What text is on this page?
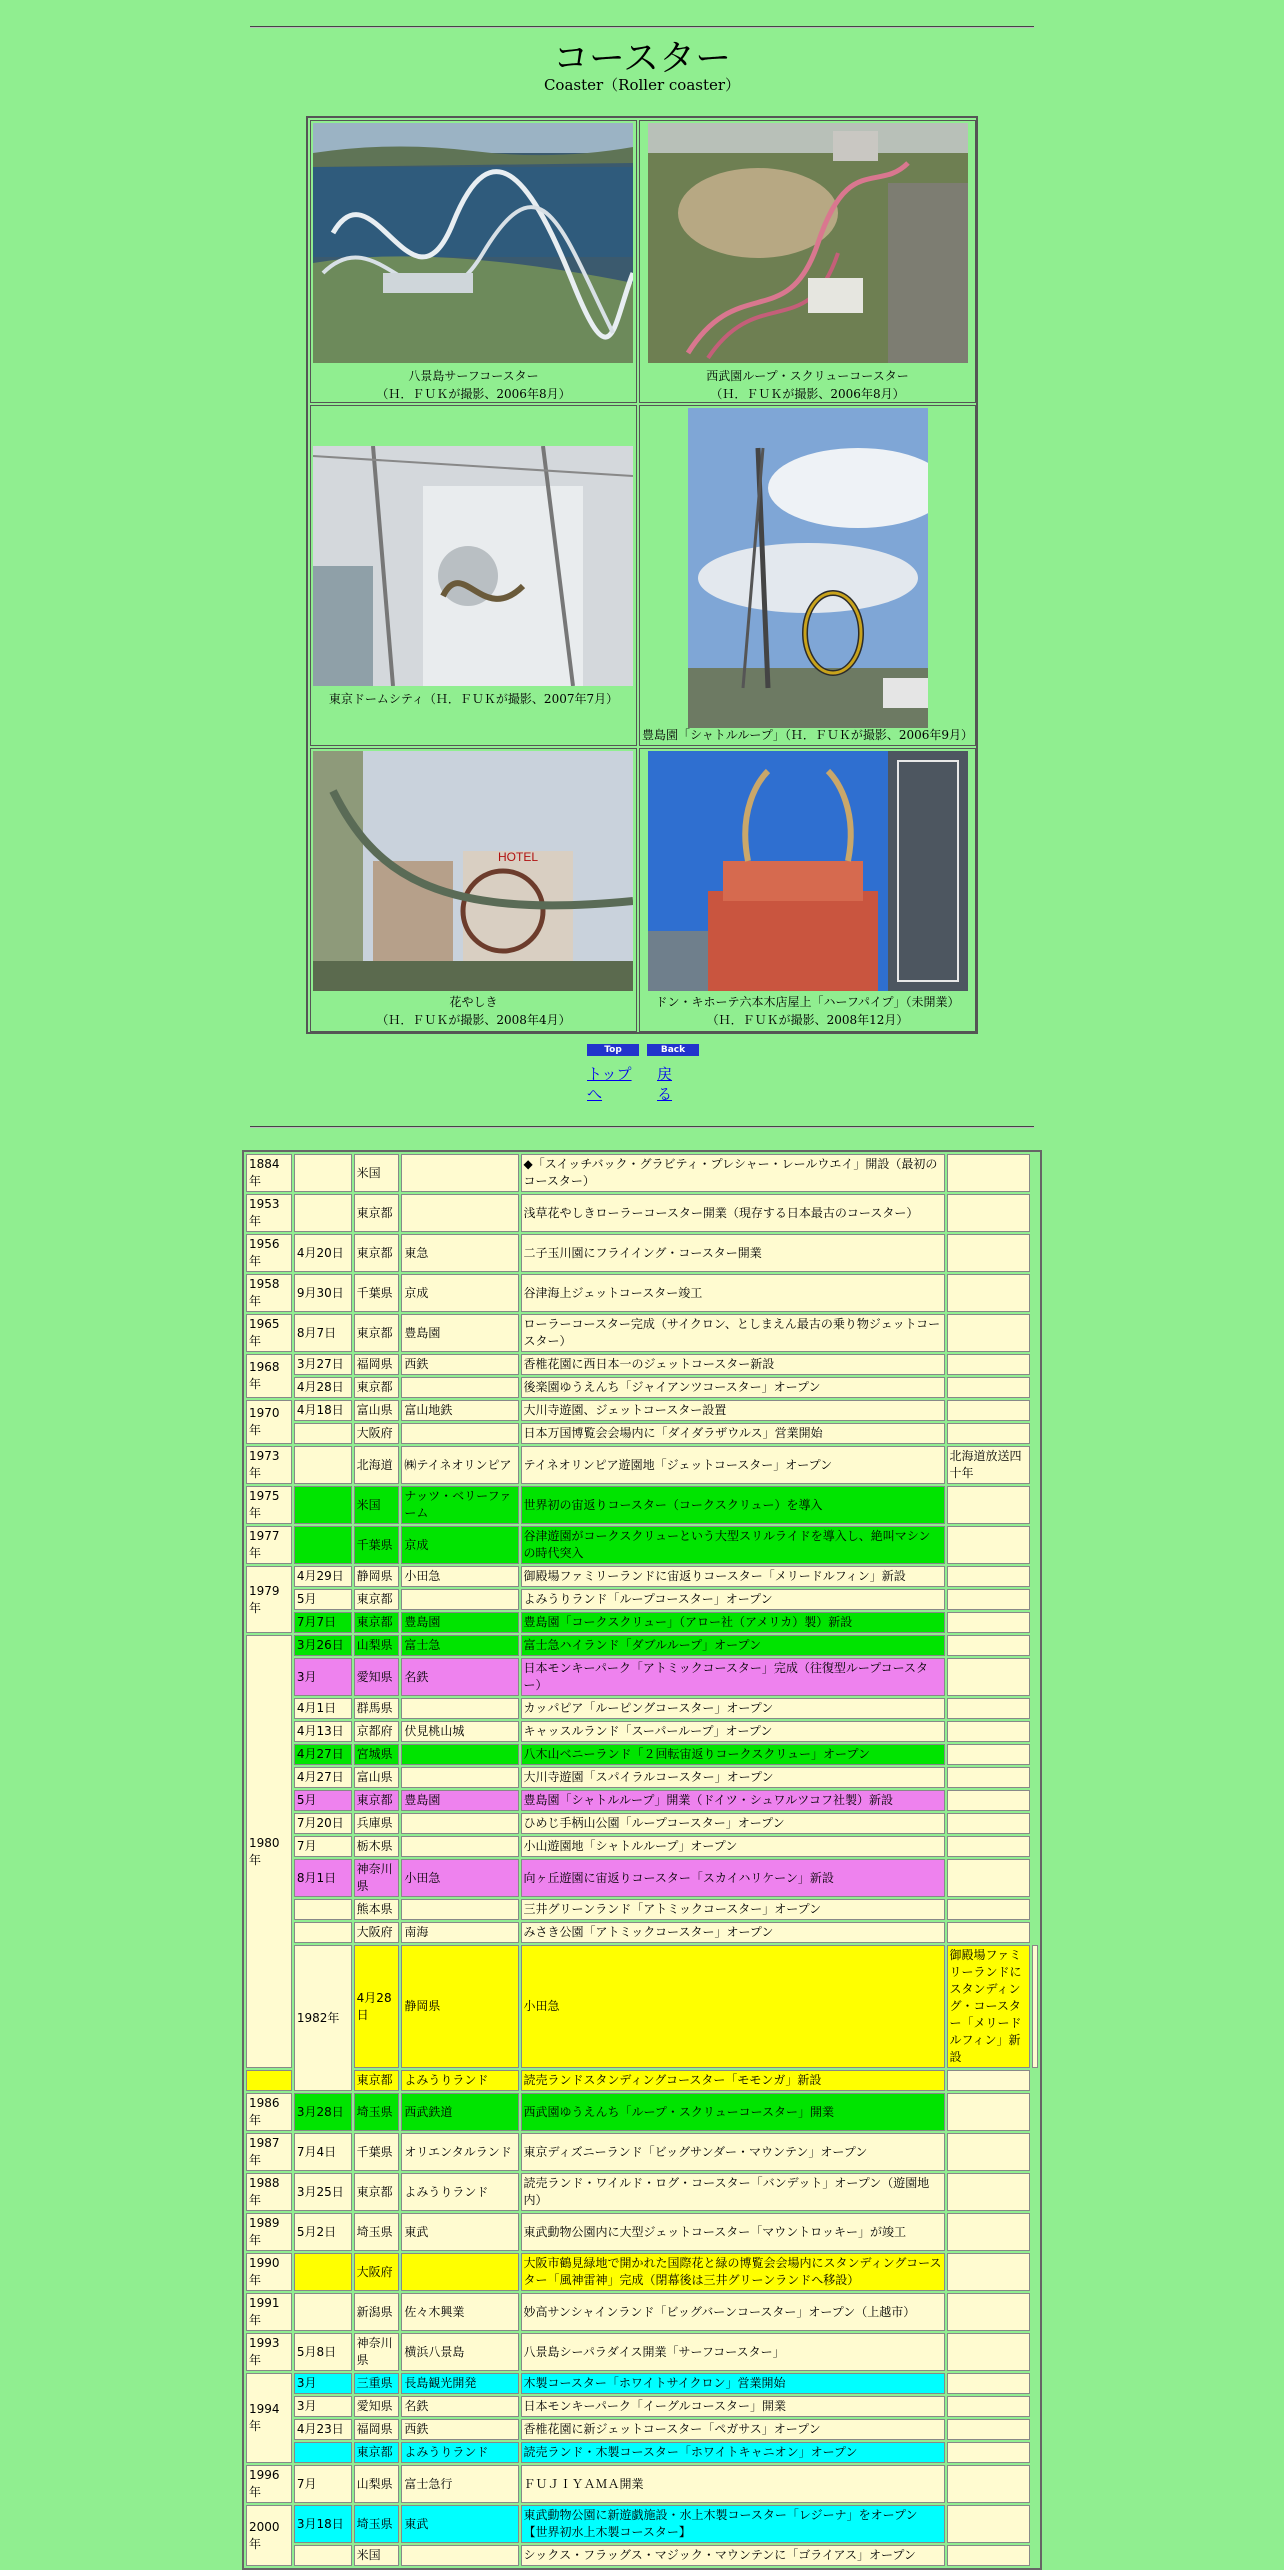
コースター
Coaster（Roller coaster）
八景島サーフコースター
（Ｈ．ＦＵＫが撮影、2006年8月）
西武園ループ・スクリューコースター
（Ｈ．ＦＵＫが撮影、2006年8月）
東京ドームシティ（Ｈ．ＦＵＫが撮影、2007年7月）
豊島園「シャトルループ」（Ｈ．ＦＵＫが撮影、2006年9月）
HOTEL
花やしき
（Ｈ．ＦＵＫが撮影、2008年4月）
ドン・キホーテ六本木店屋上「ハーフパイプ」（未開業）
（Ｈ．ＦＵＫが撮影、2008年12月）
Top	Back
トップへ
戻る
1884年		米国		◆「スイッチバック・グラビティ・プレシャー・レールウエイ」開設（最初のコースター）		
1953年		東京都		浅草花やしきローラーコースター開業（現存する日本最古のコースター）		
1956年	4月20日	東京都	東急	二子玉川園にフライイング・コースター開業		
1958年	9月30日	千葉県	京成	谷津海上ジェットコースター竣工		
1965年	8月7日	東京都	豊島園	ローラーコースター完成（サイクロン、としまえん最古の乗り物ジェットコースター）		
1968年	3月27日	福岡県	西鉄	香椎花園に西日本一のジェットコースター新設		
	4月28日	東京都		後楽園ゆうえんち「ジャイアンツコースター」オープン		
1970年	4月18日	富山県	富山地鉄	大川寺遊園、ジェットコースター設置		
		大阪府		日本万国博覧会会場内に「ダイダラザウルス」営業開始		
1973年		北海道	㈱テイネオリンピア	テイネオリンピア遊園地「ジェットコースター」オープン	北海道放送四十年	
1975年		米国	ナッツ・ベリーファーム	世界初の宙返りコースター（コークスクリュー）を導入		
1977年		千葉県	京成	谷津遊園がコークスクリューという大型スリルライドを導入し、絶叫マシンの時代突入		
1979年	4月29日	静岡県	小田急	御殿場ファミリーランドに宙返りコースター「メリードルフィン」新設		
	5月	東京都		よみうりランド「ループコースター」オープン		
	7月7日	東京都	豊島園	豊島園「コークスクリュー」（アロー社（アメリカ）製）新設		
1980年	3月26日	山梨県	富士急	富士急ハイランド「ダブルループ」オープン		
	3月	愛知県	名鉄	日本モンキーパーク「アトミックコースター」完成（往復型ループコースター）		
	4月1日	群馬県		カッパピア「ルーピングコースター」オープン		
	4月13日	京都府	伏見桃山城	キャッスルランド「スーパーループ」オープン		
	4月27日	宮城県		八木山ベニーランド「２回転宙返りコークスクリュー」オープン		
	4月27日	富山県		大川寺遊園「スパイラルコースター」オープン		
	5月	東京都	豊島園	豊島園「シャトルループ」開業（ドイツ・シュワルツコフ社製）新設		
	7月20日	兵庫県		ひめじ手柄山公園「ループコースター」オープン		
	7月	栃木県		小山遊園地「シャトルループ」オープン		
	8月1日	神奈川県	小田急	向ヶ丘遊園に宙返りコースター「スカイハリケーン」新設		
		熊本県		三井グリーンランド「アトミックコースター」オープン		
		大阪府	南海	みさき公園「アトミックコースター」オープン		
	1982年	4月28日	静岡県	小田急	御殿場ファミリーランドにスタンディング・コースター「メリードルフィン」新設	
		東京都	よみうりランド	読売ランドスタンディングコースター「モモンガ」新設		
1986年	3月28日	埼玉県	西武鉄道	西武園ゆうえんち「ループ・スクリューコースター」開業		
1987年	7月4日	千葉県	オリエンタルランド	東京ディズニーランド「ビッグサンダー・マウンテン」オープン		
1988年	3月25日	東京都	よみうりランド	読売ランド・ワイルド・ログ・コースター「バンデット」オープン（遊園地内）		
1989年	5月2日	埼玉県	東武	東武動物公園内に大型ジェットコースター「マウントロッキー」が竣工		
1990年		大阪府		大阪市鶴見緑地で開かれた国際花と緑の博覧会会場内にスタンディングコースター「風神雷神」完成（閉幕後は三井グリーンランドへ移設）		
1991年		新潟県	佐々木興業	妙高サンシャインランド「ビッグバーンコースター」オープン（上越市）		
1993年	5月8日	神奈川県	横浜八景島	八景島シーパラダイス開業「サーフコースター」		
1994年	3月	三重県	長島観光開発	木製コースター「ホワイトサイクロン」営業開始		
	3月	愛知県	名鉄	日本モンキーパーク「イーグルコースター」開業		
	4月23日	福岡県	西鉄	香椎花園に新ジェットコースター「ペガサス」オープン		
		東京都	よみうりランド	読売ランド・木製コースター「ホワイトキャニオン」オープン		
1996年	7月	山梨県	富士急行	ＦＵＪＩＹＡＭＡ開業		
2000年	3月18日	埼玉県	東武	東武動物公園に新遊戯施設・水上木製コースター「レジーナ」をオープン【世界初水上木製コースター】		
		米国		シックス・フラッグス・マジック・マウンテンに「ゴライアス」オープン		
